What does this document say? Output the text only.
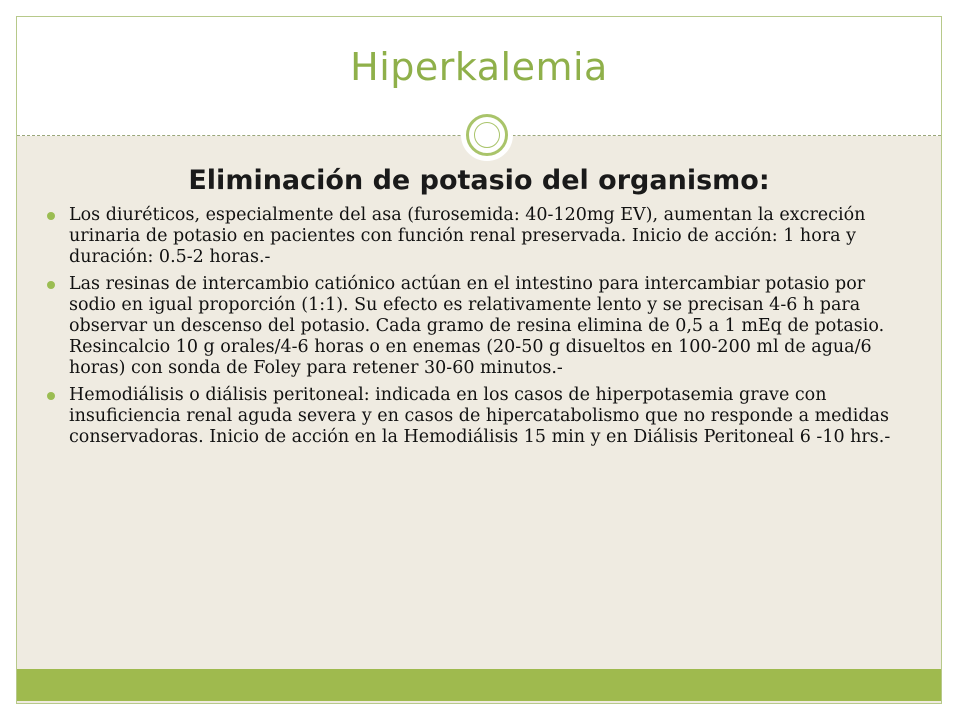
Hiperkalemia
Eliminación de potasio del organismo:
Los diuréticos, especialmente del asa (furosemida: 40-120mg EV), aumentan la excreción urinaria de potasio en pacientes con función renal preservada. Inicio de acción: 1 hora y duración: 0.5-2 horas.-
Las resinas de intercambio catiónico actúan en el intestino para intercambiar potasio por sodio en igual proporción (1:1). Su efecto es relativamente lento y se precisan 4-6 h para observar un descenso del potasio. Cada gramo de resina elimina de 0,5 a 1 mEq de potasio. Resincalcio 10 g orales/4-6 horas o en enemas (20-50 g disueltos en 100-200 ml de agua/6 horas) con sonda de Foley para retener 30-60 minutos.-
Hemodiálisis o diálisis peritoneal: indicada en los casos de hiperpotasemia grave con insuficiencia renal aguda severa y en casos de hipercatabolismo que no responde a medidas conservadoras. Inicio de acción en la Hemodiálisis 15 min y en Diálisis Peritoneal 6 -10 hrs.-
